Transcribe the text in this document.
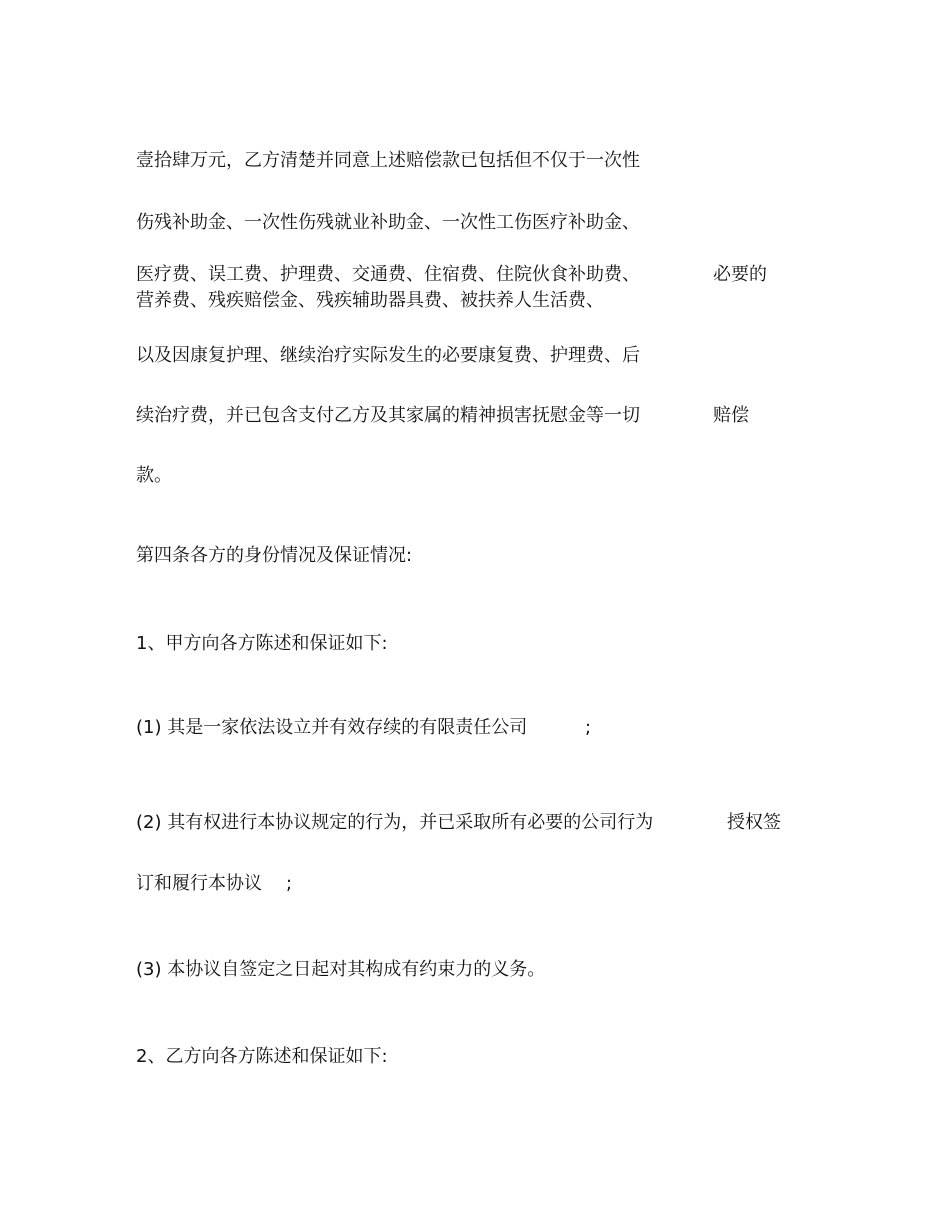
壹拾肆万元，乙方清楚并同意上述赔偿款已包括但不仅于一次性
伤残补助金、一次性伤残就业补助金、一次性工伤医疗补助金、
医疗费、误工费、护理费、交通费、住宿费、住院伙食补助费、	必要的
营养费、残疾赔偿金、残疾辅助器具费、被扶养人生活费、
以及因康复护理、继续治疗实际发生的必要康复费、护理费、后
续治疗费，并已包含支付乙方及其家属的精神损害抚慰金等一切	赔偿
款。
第四条各方的身份情况及保证情况:
1、甲方向各方陈述和保证如下:
(1) 其是一家依法设立并有效存续的有限责任公司	;
(2) 其有权进行本协议规定的行为，并已采取所有必要的公司行为	授权签
订和履行本协议 ;
(3) 本协议自签定之日起对其构成有约束力的义务。
2、乙方向各方陈述和保证如下:
